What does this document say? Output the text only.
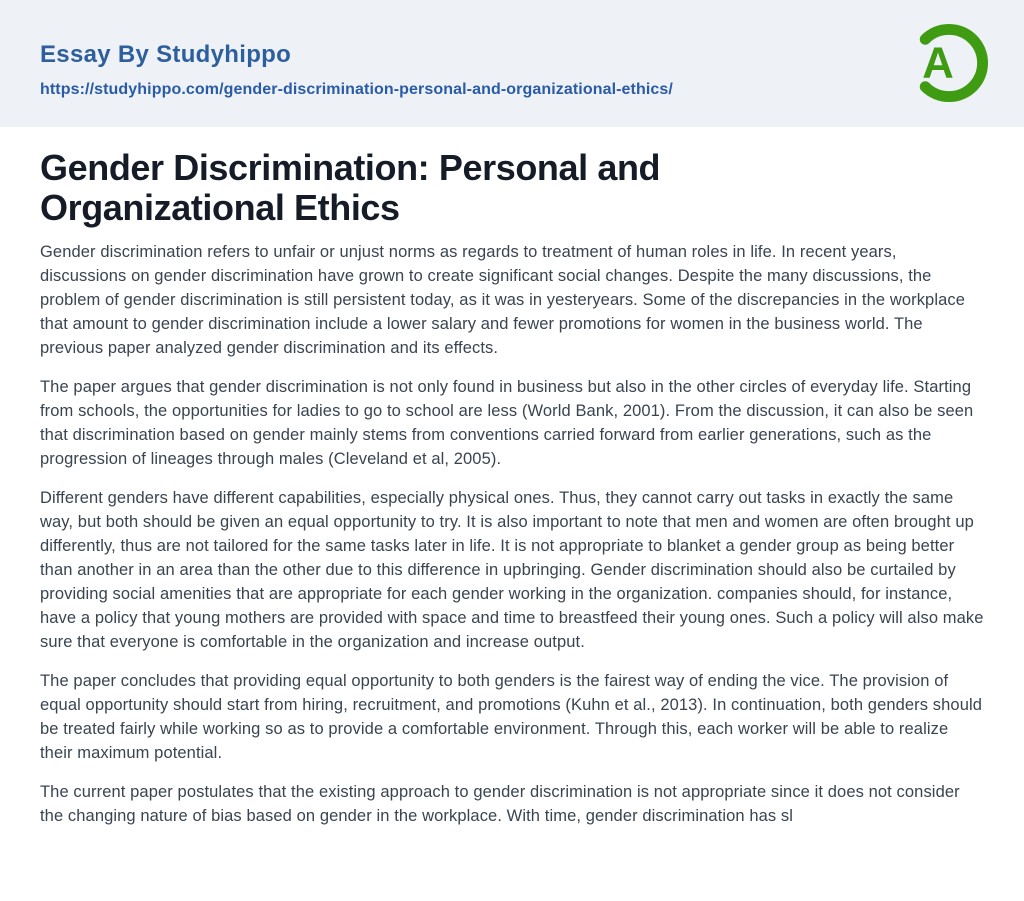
Essay By Studyhippo
https://studyhippo.com/gender-discrimination-personal-and-organizational-ethics/
A
Gender Discrimination: Personal and Organizational Ethics

Gender discrimination refers to unfair or unjust norms as regards to treatment of human roles in life. In recent years, discussions on gender discrimination have grown to create significant social changes. Despite the many discussions, the problem of gender discrimination is still persistent today, as it was in yesteryears. Some of the discrepancies in the workplace that amount to gender discrimination include a lower salary and fewer promotions for women in the business world. The previous paper analyzed gender discrimination and its effects.

The paper argues that gender discrimination is not only found in business but also in the other circles of everyday life. Starting from schools, the opportunities for ladies to go to school are less (World Bank, 2001). From the discussion, it can also be seen that discrimination based on gender mainly stems from conventions carried forward from earlier generations, such as the progression of lineages through males (Cleveland et al, 2005).

Different genders have different capabilities, especially physical ones. Thus, they cannot carry out tasks in exactly the same way, but both should be given an equal opportunity to try. It is also important to note that men and women are often brought up differently, thus are not tailored for the same tasks later in life. It is not appropriate to blanket a gender group as being better than another in an area than the other due to this difference in upbringing. Gender discrimination should also be curtailed by providing social amenities that are appropriate for each gender working in the organization. companies should, for instance, have a policy that young mothers are provided with space and time to breastfeed their young ones. Such a policy will also make sure that everyone is comfortable in the organization and increase output.

The paper concludes that providing equal opportunity to both genders is the fairest way of ending the vice. The provision of equal opportunity should start from hiring, recruitment, and promotions (Kuhn et al., 2013). In continuation, both genders should be treated fairly while working so as to provide a comfortable environment. Through this, each worker will be able to realize their maximum potential.

The current paper postulates that the existing approach to gender discrimination is not appropriate since it does not consider the changing nature of bias based on gender in the workplace. With time, gender discrimination has sl
